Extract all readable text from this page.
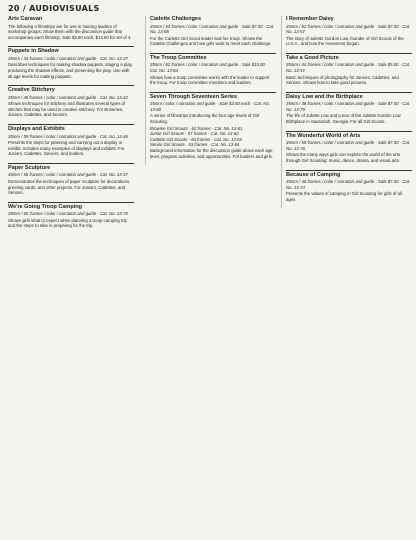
20 / AUDIOVISUALS
Arts Caravan

The following 4 filmstrips are for use in training leaders of workshop groups. Show them with the discussion guide that accompanies each filmstrip. Sale $3.50 each, $13.50 for set of 4.

Puppets in Shadow

35mm / 43 frames / color / narration and guide · Cat. No. 13-37

Describes techniques for making shadow puppets, staging a play, producing the shadow effects, and presenting the play. Use with all age levels for making puppets.

Creative Stitchery

35mm / 48 frames / color / narration and guide · Cat. No. 13-42

Shows techniques for stitchery and illustrates several types of stitches that may be used in creative stitchery. For Brownies, Juniors, Cadettes, and Seniors.

Displays and Exhibits

35mm / 59 frames / color / narration and guide · Cat. No. 13-46

Presents the steps for planning and carrying out a display or exhibit. Includes many examples of displays and exhibits. For Juniors, Cadettes, Seniors, and leaders.

Paper Sculpture

35mm / 56 frames / color / narration and guide · Cat. No. 13-47

Demonstrates the techniques of paper sculpture for decorations, greeting cards, and other projects. For Juniors, Cadettes, and Seniors.

We're Going Troop Camping

35mm / 65 frames / color / narration and guide · Cat. No. 13-75

Shows girls what to expect when planning a troop camping trip and the steps to take in preparing for the trip.

Cadette Challenges

35mm / 54 frames / color / narration and guide · Sale $7.50 · Cat. No. 13-68

For the Cadette Girl Scout leader and her troop. Shows the Cadette Challenges and how girls work to meet each challenge.

The Troop Committee

35mm / 62 frames / color / narration and guide · Sale $15.00 · Cat. No. 13-84

Shows how a troop committee works with the leader to support the troop. For troop committee members and leaders.

Seven Through Seventeen Series

35mm / color / narration and guide · Sale $3.50 each · Cat. No. 13-60

A series of filmstrips introducing the four age levels of Girl Scouting.

Brownie Girl Scouts · 62 frames · Cat. No. 13-61
Junior Girl Scouts · 57 frames · Cat. No. 13-62
Cadette Girl Scouts · 60 frames · Cat. No. 13-63
Senior Girl Scouts · 53 frames · Cat. No. 13-64

Background information for the discussion guide about each age level, program activities, and opportunities. For leaders and girls.

I Remember Daisy

35mm / 62 frames / color / narration and guide · Sale $7.50 · Cat. No. 13-57

The story of Juliette Gordon Low, founder of Girl Scouts of the U.S.A., and how the movement began.

Take a Good Picture

35mm / 44 frames / color / narration and guide · Sale $5.00 · Cat. No. 13-57

Basic techniques of photography for Juniors, Cadettes, and Seniors. Shows how to take good pictures.

Daisy Low and the Birthplace

35mm / 48 frames / color / narration and guide · Sale $7.50 · Cat. No. 13-79

The life of Juliette Low and a tour of the Juliette Gordon Low Birthplace in Savannah, Georgia. For all Girl Scouts.

The Wonderful World of Arts

35mm / 59 frames / color / narration and guide · Sale $7.50 · Cat. No. 13-76

Shows the many ways girls can explore the world of the arts through Girl Scouting: music, dance, drama, and visual arts.

Because of Camping

35mm / 46 frames / color / narration and guide · Sale $7.50 · Cat. No. 13-74

Presents the values of camping in Girl Scouting for girls of all ages.
